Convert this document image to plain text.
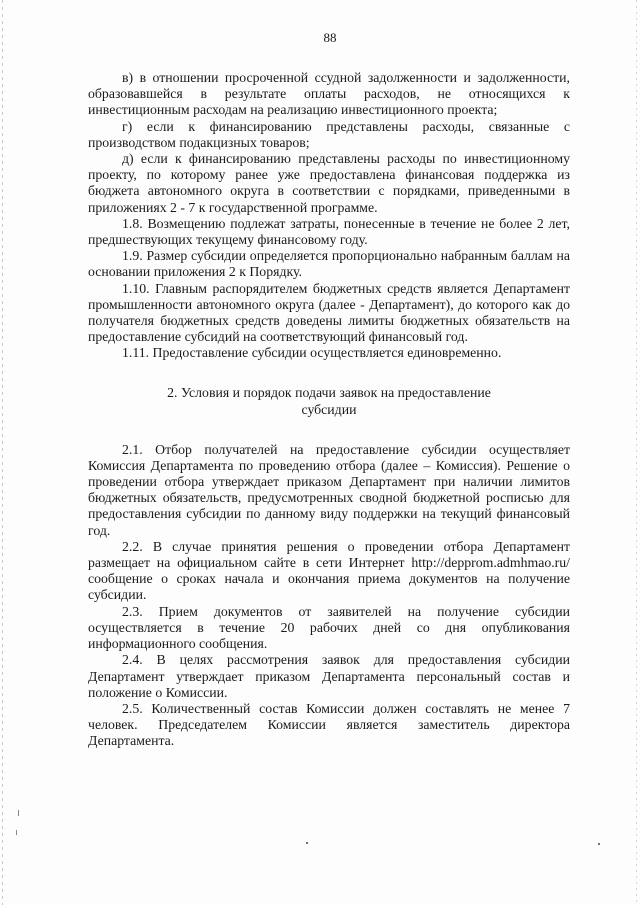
88

в) в отношении просроченной ссудной задолженности и задолженности, образовавшейся в результате оплаты расходов, не относящихся к инвестиционным расходам на реализацию инвестиционного проекта;

г) если к финансированию представлены расходы, связанные с производством подакцизных товаров;

д) если к финансированию представлены расходы по инвестиционному проекту, по которому ранее уже предоставлена финансовая поддержка из бюджета автономного округа в соответствии с порядками, приведенными в приложениях 2 - 7 к государственной программе.

1.8. Возмещению подлежат затраты, понесенные в течение не более 2 лет, предшествующих текущему финансовому году.

1.9. Размер субсидии определяется пропорционально набранным баллам на основании приложения 2 к Порядку.

1.10. Главным распорядителем бюджетных средств является Департамент промышленности автономного округа (далее - Департамент), до которого как до получателя бюджетных средств доведены лимиты бюджетных обязательств на предоставление субсидий на соответствующий финансовый год.

1.11. Предоставление субсидии осуществляется единовременно.

2. Условия и порядок подачи заявок на предоставление
субсидии

2.1. Отбор получателей на предоставление субсидии осуществляет Комиссия Департамента по проведению отбора (далее – Комиссия). Решение о проведении отбора утверждает приказом Департамент при наличии лимитов бюджетных обязательств, предусмотренных сводной бюджетной росписью для предоставления субсидии по данному виду поддержки на текущий финансовый год.

2.2. В случае принятия решения о проведении отбора Департамент размещает на официальном сайте в сети Интернет http://depprom.admhmao.ru/ сообщение о сроках начала и окончания приема документов на получение субсидии.

2.3. Прием документов от заявителей на получение субсидии осуществляется в течение 20 рабочих дней со дня опубликования информационного сообщения.

2.4. В целях рассмотрения заявок для предоставления субсидии Департамент утверждает приказом Департамента персональный состав и положение о Комиссии.

2.5. Количественный состав Комиссии должен составлять не менее 7 человек. Председателем Комиссии является заместитель директора Департамента.
